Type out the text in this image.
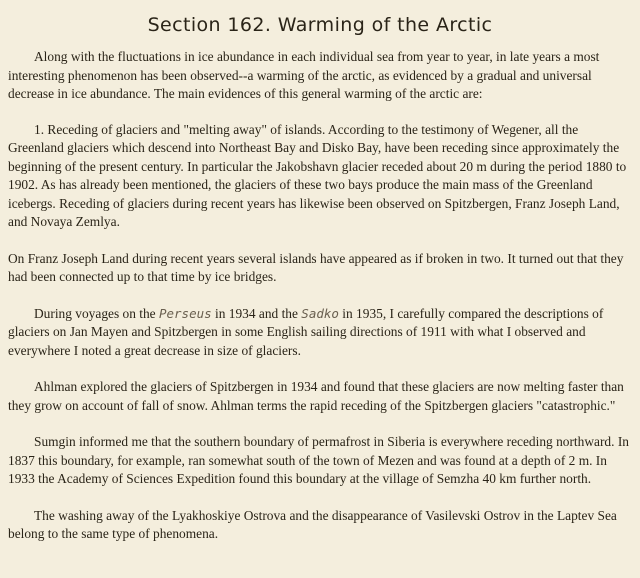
Section 162. Warming of the Arctic

Along with the fluctuations in ice abundance in each individual sea from year to year, in late years a most interesting phenomenon has been observed--a warming of the arctic, as evidenced by a gradual and universal decrease in ice abundance. The main evidences of this general warming of the arctic are:

1. Receding of glaciers and "melting away" of islands. According to the testimony of Wegener, all the Greenland glaciers which descend into Northeast Bay and Disko Bay, have been receding since approximately the beginning of the present century. In particular the Jakobshavn glacier receded about 20 m during the period 1880 to 1902. As has already been mentioned, the glaciers of these two bays produce the main mass of the Greenland icebergs. Receding of glaciers during recent years has likewise been observed on Spitzbergen, Franz Joseph Land, and Novaya Zemlya.

On Franz Joseph Land during recent years several islands have appeared as if broken in two. It turned out that they had been connected up to that time by ice bridges.

During voyages on the Perseus in 1934 and the Sadko in 1935, I carefully compared the descriptions of glaciers on Jan Mayen and Spitzbergen in some English sailing directions of 1911 with what I observed and everywhere I noted a great decrease in size of glaciers.

Ahlman explored the glaciers of Spitzbergen in 1934 and found that these glaciers are now melting faster than they grow on account of fall of snow. Ahlman terms the rapid receding of the Spitzbergen glaciers "catastrophic."

Sumgin informed me that the southern boundary of permafrost in Siberia is everywhere receding northward. In 1837 this boundary, for example, ran somewhat south of the town of Mezen and was found at a depth of 2 m. In 1933 the Academy of Sciences Expedition found this boundary at the village of Semzha 40 km further north.

The washing away of the Lyakhoskiye Ostrova and the disappearance of Vasilevski Ostrov in the Laptev Sea belong to the same type of phenomena.
